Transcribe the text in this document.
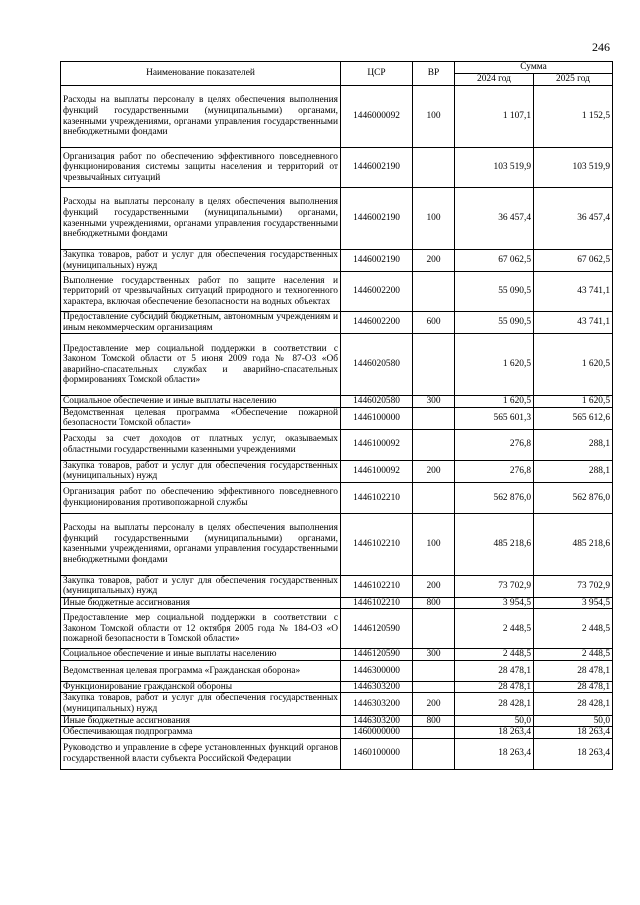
246
Наименование показателей	ЦСР	ВР	Сумма	
			2024 год	2025 год
Расходы на выплаты персоналу в целях обеспечения выполнения функций государственными (муниципальными) органами, казенными учреждениями, органами управления государственными внебюджетными фондами	1446000092	100	1 107,1	1 152,5
Организация работ по обеспечению эффективного повседневного функционирования системы защиты населения и территорий от чрезвычайных ситуаций	1446002190		103 519,9	103 519,9
Расходы на выплаты персоналу в целях обеспечения выполнения функций государственными (муниципальными) органами, казенными учреждениями, органами управления государственными внебюджетными фондами	1446002190	100	36 457,4	36 457,4
Закупка товаров, работ и услуг для обеспечения государственных (муниципальных) нужд	1446002190	200	67 062,5	67 062,5
Выполнение государственных работ по защите населения и территорий от чрезвычайных ситуаций природного и техногенного характера, включая обеспечение безопасности на водных объектах	1446002200		55 090,5	43 741,1
Предоставление субсидий бюджетным, автономным учреждениям и иным некоммерческим организациям	1446002200	600	55 090,5	43 741,1
Предоставление мер социальной поддержки в соответствии с Законом Томской области от 5 июня 2009 года № 87-ОЗ «Об аварийно-спасательных службах и аварийно-спасательных формированиях Томской области»	1446020580		1 620,5	1 620,5
Социальное обеспечение и иные выплаты населению	1446020580	300	1 620,5	1 620,5
Ведомственная целевая программа «Обеспечение пожарной безопасности Томской области»	1446100000		565 601,3	565 612,6
Расходы за счет доходов от платных услуг, оказываемых областными государственными казенными учреждениями	1446100092		276,8	288,1
Закупка товаров, работ и услуг для обеспечения государственных (муниципальных) нужд	1446100092	200	276,8	288,1
Организация работ по обеспечению эффективного повседневного функционирования противопожарной службы	1446102210		562 876,0	562 876,0
Расходы на выплаты персоналу в целях обеспечения выполнения функций государственными (муниципальными) органами, казенными учреждениями, органами управления государственными внебюджетными фондами	1446102210	100	485 218,6	485 218,6
Закупка товаров, работ и услуг для обеспечения государственных (муниципальных) нужд	1446102210	200	73 702,9	73 702,9
Иные бюджетные ассигнования	1446102210	800	3 954,5	3 954,5
Предоставление мер социальной поддержки в соответствии с Законом Томской области от 12 октября 2005 года № 184-ОЗ «О пожарной безопасности в Томской области»	1446120590		2 448,5	2 448,5
Социальное обеспечение и иные выплаты населению	1446120590	300	2 448,5	2 448,5
Ведомственная целевая программа «Гражданская оборона»	1446300000		28 478,1	28 478,1
Функционирование гражданской обороны	1446303200		28 478,1	28 478,1
Закупка товаров, работ и услуг для обеспечения государственных (муниципальных) нужд	1446303200	200	28 428,1	28 428,1
Иные бюджетные ассигнования	1446303200	800	50,0	50,0
Обеспечивающая подпрограмма	1460000000		18 263,4	18 263,4
Руководство и управление в сфере установленных функций органов государственной власти субъекта Российской Федерации	1460100000		18 263,4	18 263,4
